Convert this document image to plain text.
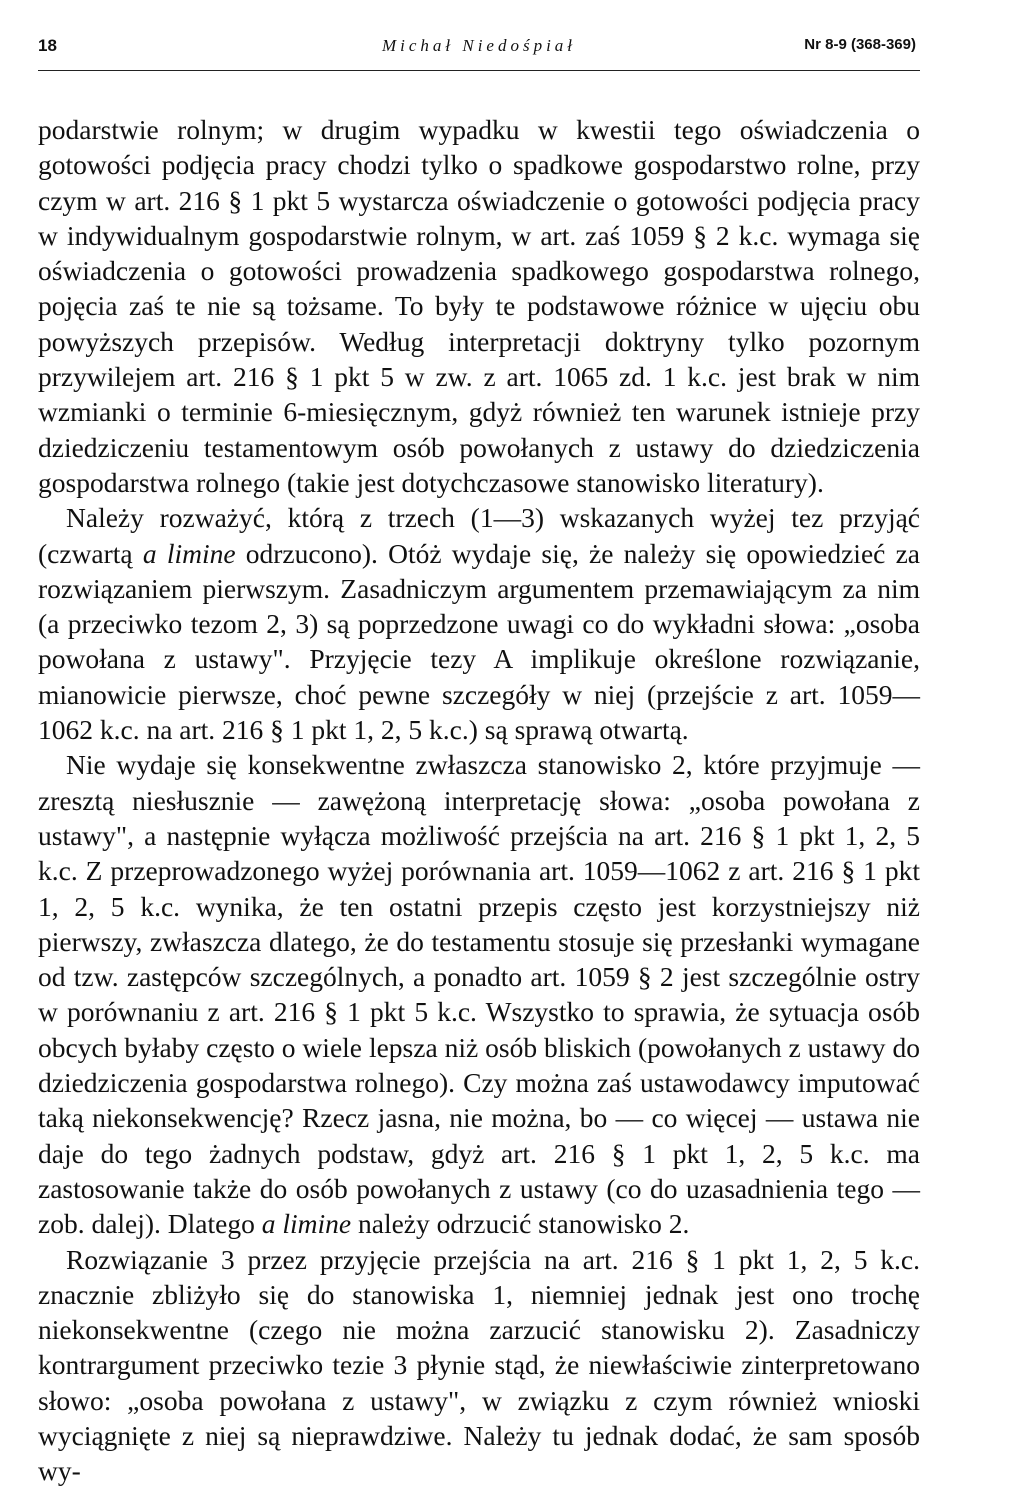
18	Michał Niedośpiał	Nr 8-9 (368-369)

podarstwie rolnym; w drugim wypadku w kwestii tego oświadczenia o gotowości podjęcia pracy chodzi tylko o spadkowe gospodarstwo rolne, przy czym w art. 216 § 1 pkt 5 wystarcza oświadczenie o gotowości podjęcia pracy w indywidualnym gospodarstwie rolnym, w art. zaś 1059 § 2 k.c. wymaga się oświadczenia o gotowości prowadzenia spadkowego gospodarstwa rolnego, pojęcia zaś te nie są tożsame. To były te podstawowe różnice w ujęciu obu powyższych przepisów. Według interpretacji doktryny tylko pozornym przywilejem art. 216 § 1 pkt 5 w zw. z art. 1065 zd. 1 k.c. jest brak w nim wzmianki o terminie 6-miesięcznym, gdyż również ten warunek istnieje przy dziedziczeniu testamentowym osób powołanych z ustawy do dziedziczenia gospodarstwa rolnego (takie jest dotychczasowe stanowisko literatury).

Należy rozważyć, którą z trzech (1—3) wskazanych wyżej tez przyjąć (czwartą a limine odrzucono). Otóż wydaje się, że należy się opowiedzieć za rozwiązaniem pierwszym. Zasadniczym argumentem przemawiającym za nim (a przeciwko tezom 2, 3) są poprzedzone uwagi co do wykładni słowa: „osoba powołana z ustawy". Przyjęcie tezy A implikuje określone rozwiązanie, mianowicie pierwsze, choć pewne szczegóły w niej (przejście z art. 1059—1062 k.c. na art. 216 § 1 pkt 1, 2, 5 k.c.) są sprawą otwartą.

Nie wydaje się konsekwentne zwłaszcza stanowisko 2, które przyjmuje — zresztą niesłusznie — zawężoną interpretację słowa: „osoba powołana z ustawy", a następnie wyłącza możliwość przejścia na art. 216 § 1 pkt 1, 2, 5 k.c. Z przeprowadzonego wyżej porównania art. 1059—1062 z art. 216 § 1 pkt 1, 2, 5 k.c. wynika, że ten ostatni przepis często jest korzystniejszy niż pierwszy, zwłaszcza dlatego, że do testamentu stosuje się przesłanki wymagane od tzw. zastępców szczególnych, a ponadto art. 1059 § 2 jest szczególnie ostry w porównaniu z art. 216 § 1 pkt 5 k.c. Wszystko to sprawia, że sytuacja osób obcych byłaby często o wiele lepsza niż osób bliskich (powołanych z ustawy do dziedziczenia gospodarstwa rolnego). Czy można zaś ustawodawcy imputować taką niekonsekwencję? Rzecz jasna, nie można, bo — co więcej — ustawa nie daje do tego żadnych podstaw, gdyż art. 216 § 1 pkt 1, 2, 5 k.c. ma zastosowanie także do osób powołanych z ustawy (co do uzasadnienia tego — zob. dalej). Dlatego a limine należy odrzucić stanowisko 2.

Rozwiązanie 3 przez przyjęcie przejścia na art. 216 § 1 pkt 1, 2, 5 k.c. znacznie zbliżyło się do stanowiska 1, niemniej jednak jest ono trochę niekonsekwentne (czego nie można zarzucić stanowisku 2). Zasadniczy kontrargument przeciwko tezie 3 płynie stąd, że niewłaściwie zinterpretowano słowo: „osoba powołana z ustawy", w związku z czym również wnioski wyciągnięte z niej są nieprawdziwe. Należy tu jednak dodać, że sam sposób wy-
